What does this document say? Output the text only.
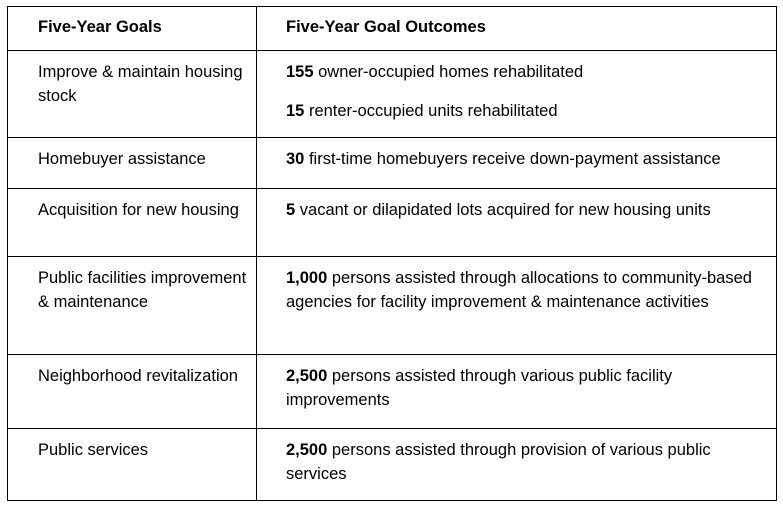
Five-Year Goals	Five-Year Goal Outcomes
Improve & maintain housing stock	155 owner-occupied homes rehabilitated
15 renter-occupied units rehabilitated

Homebuyer assistance	30 first-time homebuyers receive down-payment assistance

Acquisition for new housing	5 vacant or dilapidated lots acquired for new housing units

Public facilities improvement & maintenance	1,000 persons assisted through allocations to community-based agencies for facility improvement & maintenance activities

Neighborhood revitalization	2,500 persons assisted through various public facility improvements

Public services	2,500 persons assisted through provision of various public services
